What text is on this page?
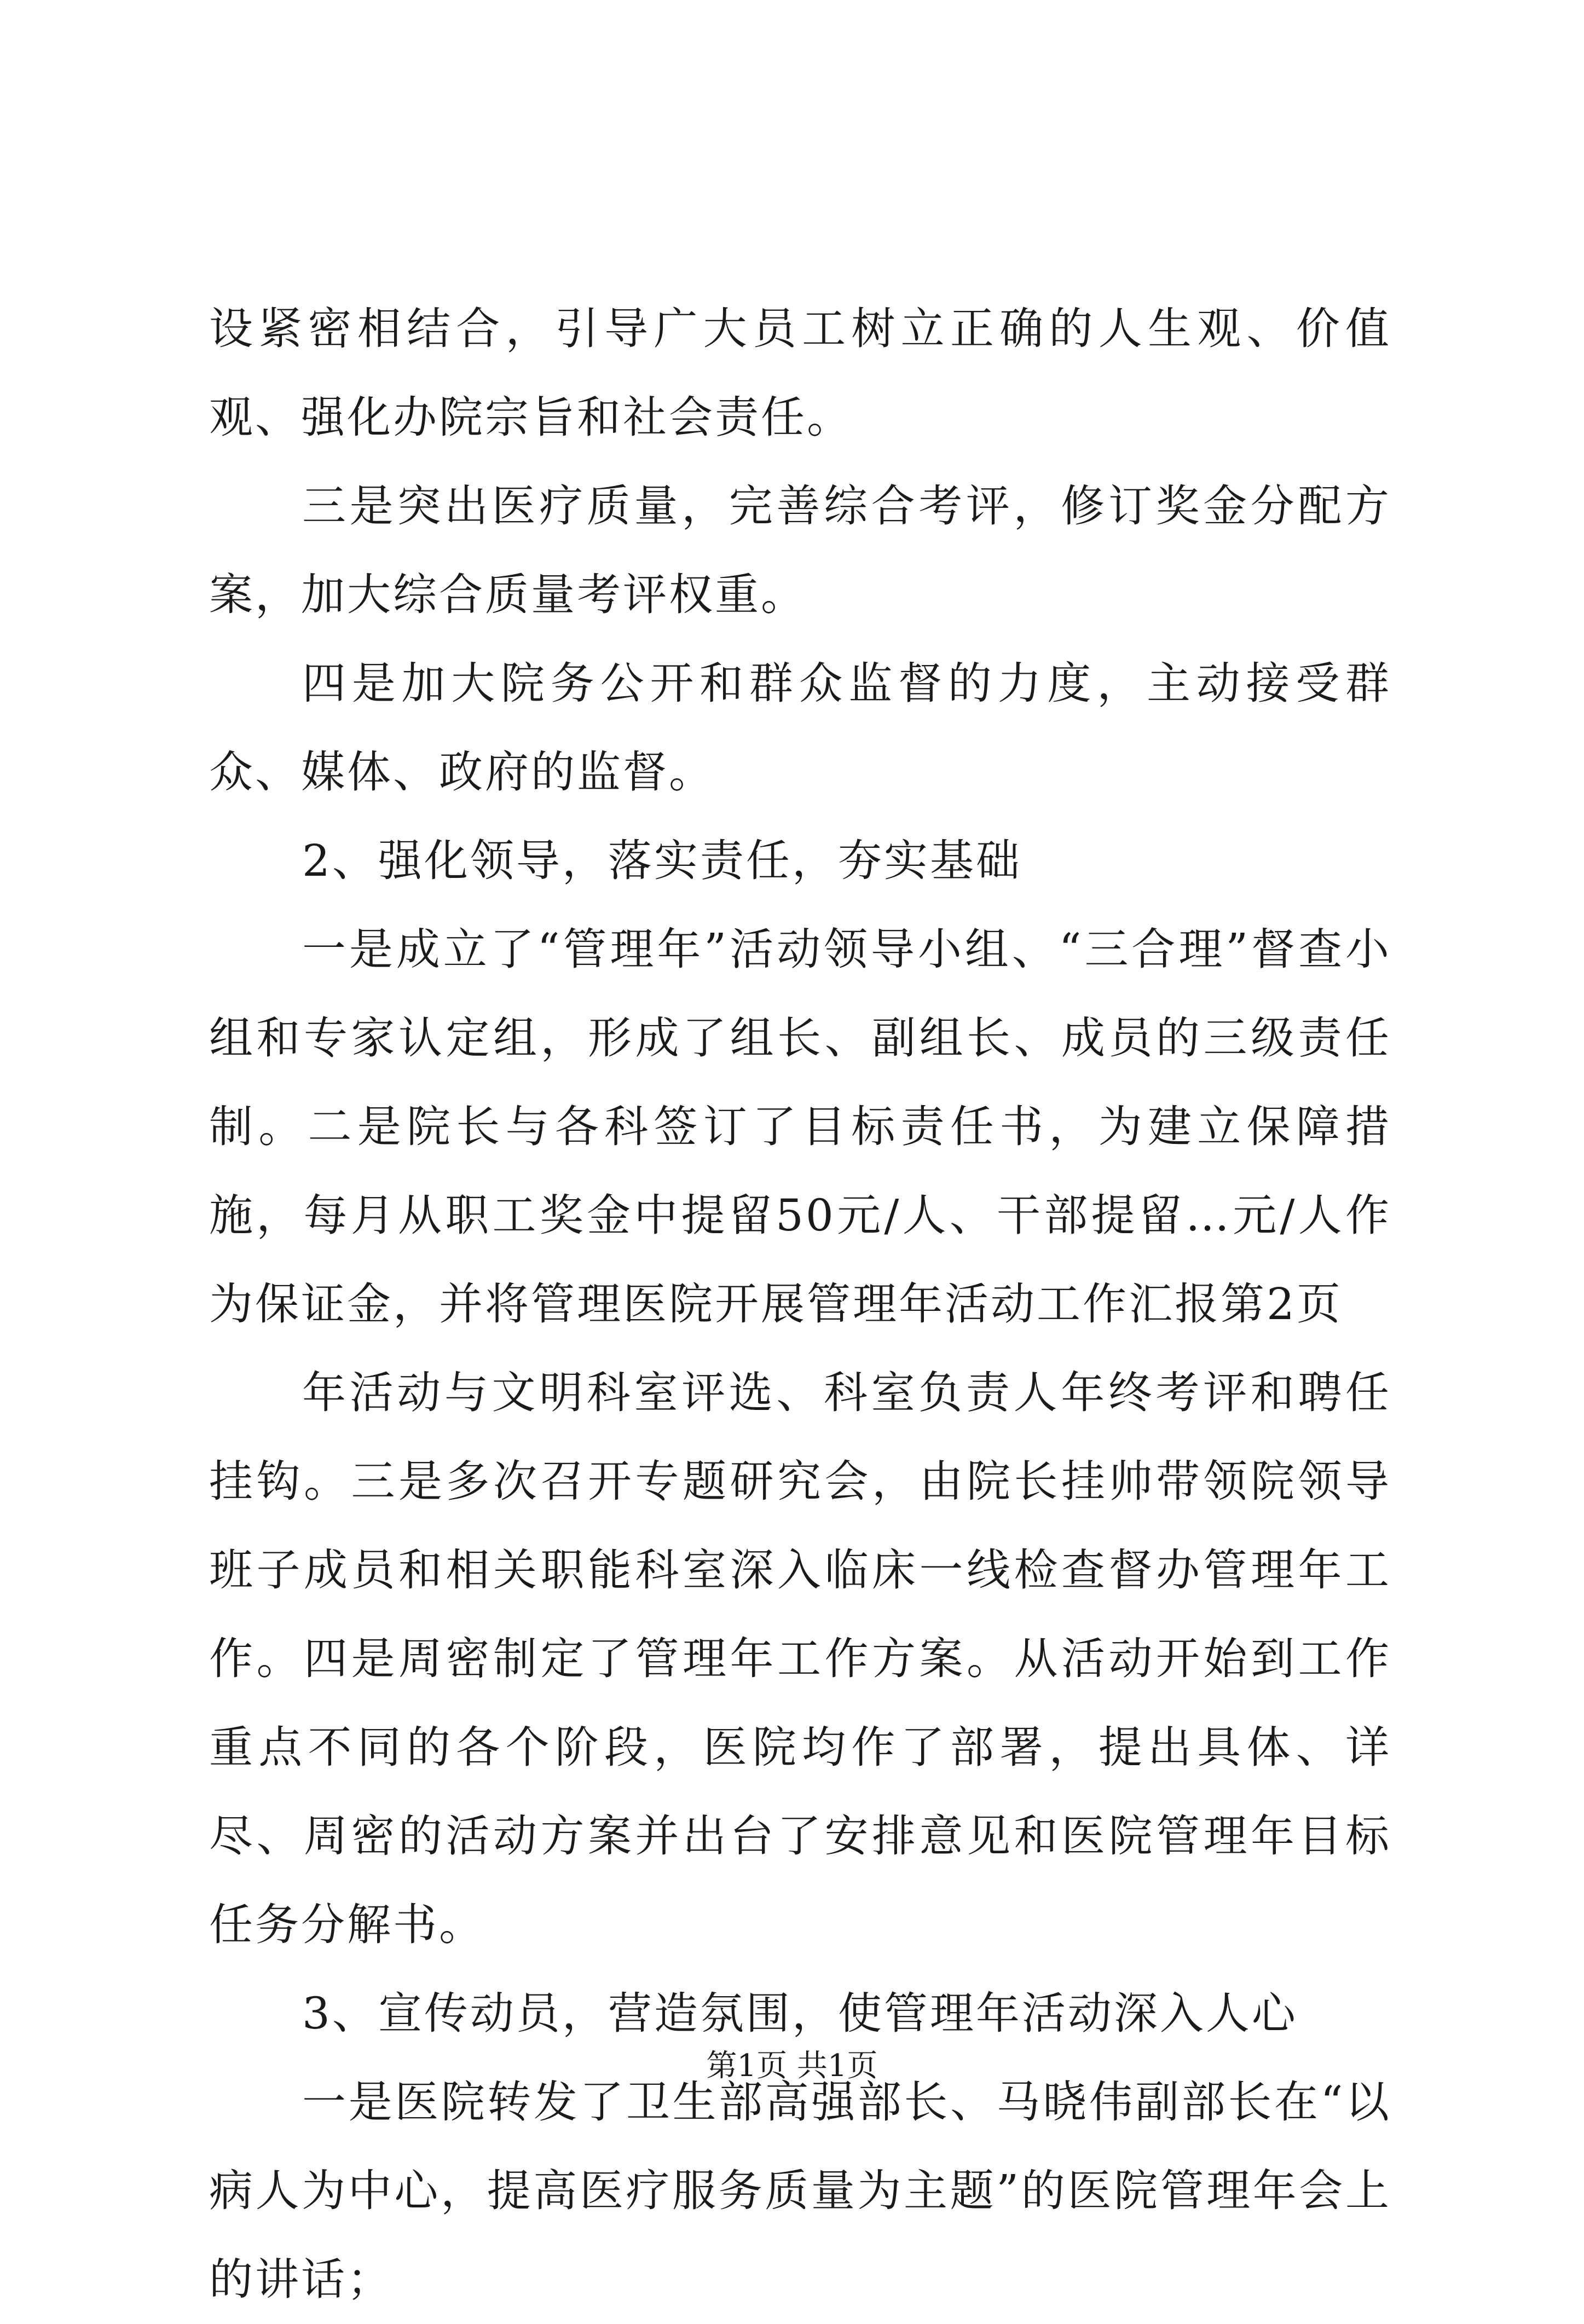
设紧密相结合，引导广大员工树立正确的人生观、价值观、强化办院宗旨和社会责任。

三是突出医疗质量，完善综合考评，修订奖金分配方案，加大综合质量考评权重。

四是加大院务公开和群众监督的力度，主动接受群众、媒体、政府的监督。

2、强化领导，落实责任，夯实基础

一是成立了“管理年”活动领导小组、“三合理”督查小组和专家认定组，形成了组长、副组长、成员的三级责任制。二是院长与各科签订了目标责任书，为建立保障措施，每月从职工奖金中提留50元/人、干部提留…元/人作为保证金，并将管理医院开展管理年活动工作汇报第2页

年活动与文明科室评选、科室负责人年终考评和聘任挂钩。三是多次召开专题研究会，由院长挂帅带领院领导班子成员和相关职能科室深入临床一线检查督办管理年工作。四是周密制定了管理年工作方案。从活动开始到工作重点不同的各个阶段，医院均作了部署，提出具体、详尽、周密的活动方案并出台了安排意见和医院管理年目标任务分解书。

3、宣传动员，营造氛围，使管理年活动深入人心

一是医院转发了卫生部高强部长、马晓伟副部长在“以病人为中心，提高医疗服务质量为主题”的医院管理年会上的讲话；

第1页 共1页
